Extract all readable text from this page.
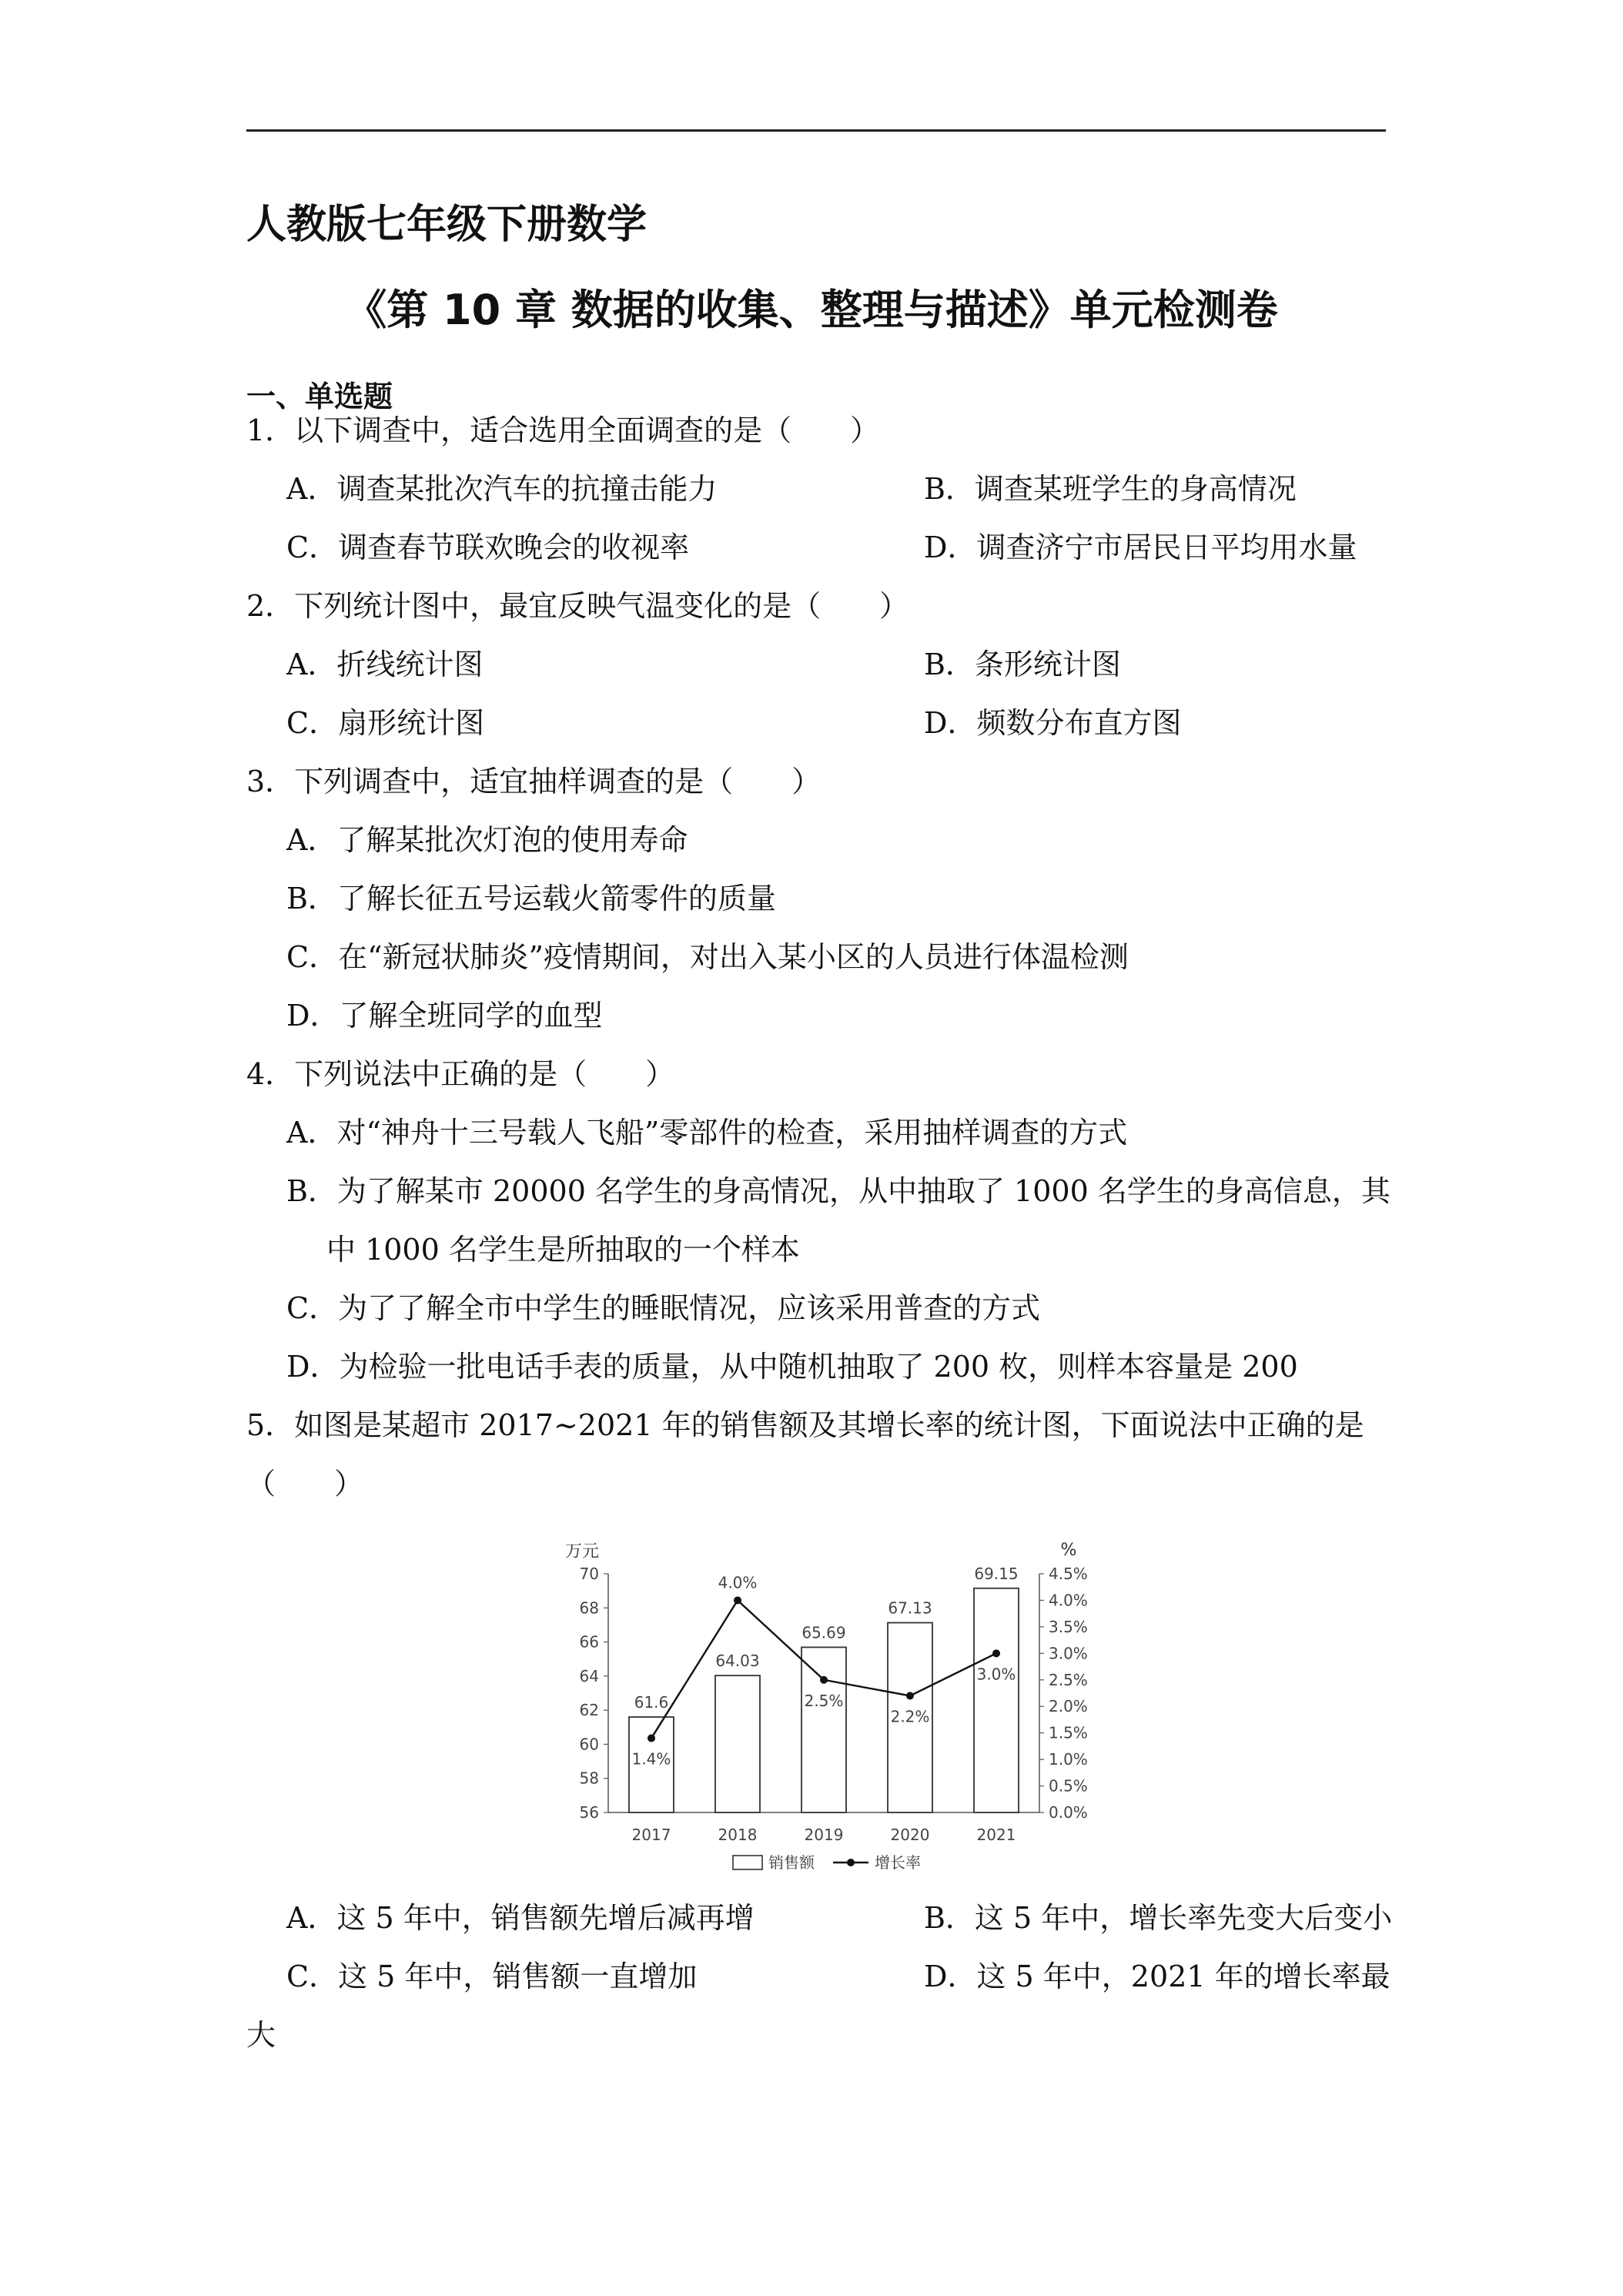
人教版七年级下册数学
《第 10 章 数据的收集、整理与描述》单元检测卷
一、单选题
1．以下调查中，适合选用全面调查的是（　　）
A．调查某批次汽车的抗撞击能力	B．调查某班学生的身高情况
C．调查春节联欢晚会的收视率	D．调查济宁市居民日平均用水量
2．下列统计图中，最宜反映气温变化的是（　　）
A．折线统计图	B．条形统计图
C．扇形统计图	D．频数分布直方图
3．下列调查中，适宜抽样调查的是（　　）
A．了解某批次灯泡的使用寿命
B．了解长征五号运载火箭零件的质量
C．在“新冠状肺炎”疫情期间，对出入某小区的人员进行体温检测
D．了解全班同学的血型
4．下列说法中正确的是（　　）
A．对“神舟十三号载人飞船”零部件的检查，采用抽样调查的方式
B．为了解某市 20000 名学生的身高情况，从中抽取了 1000 名学生的身高信息，其
中 1000 名学生是所抽取的一个样本
C．为了了解全市中学生的睡眠情况，应该采用普查的方式
D．为检验一批电话手表的质量，从中随机抽取了 200 枚，则样本容量是 200
5．如图是某超市 2017~2021 年的销售额及其增长率的统计图，下面说法中正确的是
（　　）
万元	%
56
58
60
62
64
66
68
70
0.0%
0.5%
1.0%
1.5%
2.0%
2.5%
3.0%
3.5%
4.0%
4.5%
61.6
64.03
65.69
67.13
69.15
2017	2018	2019	2020	2021
1.4%
4.0%
2.5%
2.2%
3.0%
销售额	增长率
A．这 5 年中，销售额先增后减再增	B．这 5 年中，增长率先变大后变小
C．这 5 年中，销售额一直增加	D．这 5 年中，2021 年的增长率最
大
